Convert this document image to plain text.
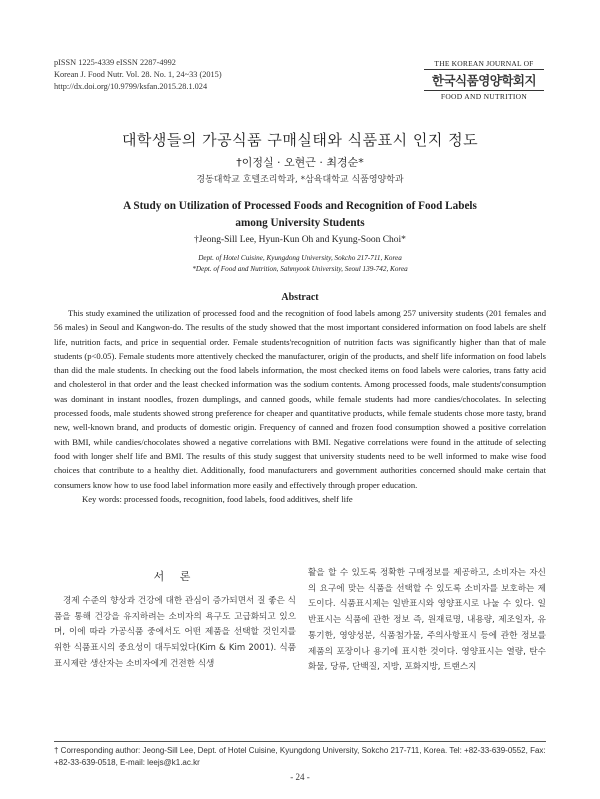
pISSN 1225-4339 eISSN 2287-4992
Korean J. Food Nutr. Vol. 28. No. 1, 24~33 (2015)
http://dx.doi.org/10.9799/ksfan.2015.28.1.024
THE KOREAN JOURNAL OF
한국식품영양학회지
FOOD AND NUTRITION
대학생들의 가공식품 구매실태와 식품표시 인지 정도
†이정실 · 오현근 · 최경순*
경동대학교 호텔조리학과, *삼육대학교 식품영양학과
A Study on Utilization of Processed Foods and Recognition of Food Labels
among University Students
†Jeong-Sill Lee, Hyun-Kun Oh and Kyung-Soon Choi*
Dept. of Hotel Cuisine, Kyungdong University, Sokcho 217-711, Korea
*Dept. of Food and Nutrition, Sahmyook University, Seoul 139-742, Korea
Abstract

This study examined the utilization of processed food and the recognition of food labels among 257 university students (201 females and 56 males) in Seoul and Kangwon-do. The results of the study showed that the most important considered information on food labels are shelf life, nutrition facts, and price in sequential order. Female students'recognition of nutrition facts was significantly higher than that of male students (p<0.05). Female students more attentively checked the manufacturer, origin of the products, and shelf life information on food labels than did the male students. In checking out the food labels information, the most checked items on food labels were calories, trans fatty acid and cholesterol in that order and the least checked information was the sodium contents. Among processed foods, male students'consumption was dominant in instant noodles, frozen dumplings, and canned goods, while female students had more candies/chocolates. In selecting processed foods, male students showed strong preference for cheaper and quantitative products, while female students chose more tasty, brand new, well-known brand, and products of domestic origin. Frequency of canned and frozen food consumption showed a positive correlation with BMI, while candies/chocolates showed a negative correlations with BMI. Negative correlations were found in the attitude of selecting food with longer shelf life and BMI. The results of this study suggest that university students need to be well informed to make wise food choices that contribute to a healthy diet. Additionally, food manufacturers and government authorities concerned should make certain that consumers know how to use food label information more easily and effectively through proper education.

Key words: processed foods, recognition, food labels, food additives, shelf life

서 론

경제 수준의 향상과 건강에 대한 관심이 증가되면서 질 좋은 식품을 통해 건강을 유지하려는 소비자의 욕구도 고급화되고 있으며, 이에 따라 가공식품 중에서도 어떤 제품을 선택할 것인지를 위한 식품표시의 중요성이 대두되었다(Kim & Kim 2001). 식품표시제란 생산자는 소비자에게 건전한 식생

활을 할 수 있도록 정확한 구매정보를 제공하고, 소비자는 자신의 요구에 맞는 식품을 선택할 수 있도록 소비자를 보호하는 제도이다. 식품표시제는 일반표시와 영양표시로 나눌 수 있다. 일반표시는 식품에 관한 정보 즉, 원재료명, 내용량, 제조일자, 유통기한, 영양성분, 식품첨가물, 주의사항표시 등에 관한 정보를 제품의 포장이나 용기에 표시한 것이다. 영양표시는 열량, 탄수화물, 당류, 단백질, 지방, 포화지방, 트랜스지

† Corresponding author: Jeong-Sill Lee, Dept. of Hotel Cuisine, Kyungdong University, Sokcho 217-711, Korea. Tel: +82-33-639-0552, Fax: +82-33-639-0518, E-mail: leejs@k1.ac.kr
- 24 -
